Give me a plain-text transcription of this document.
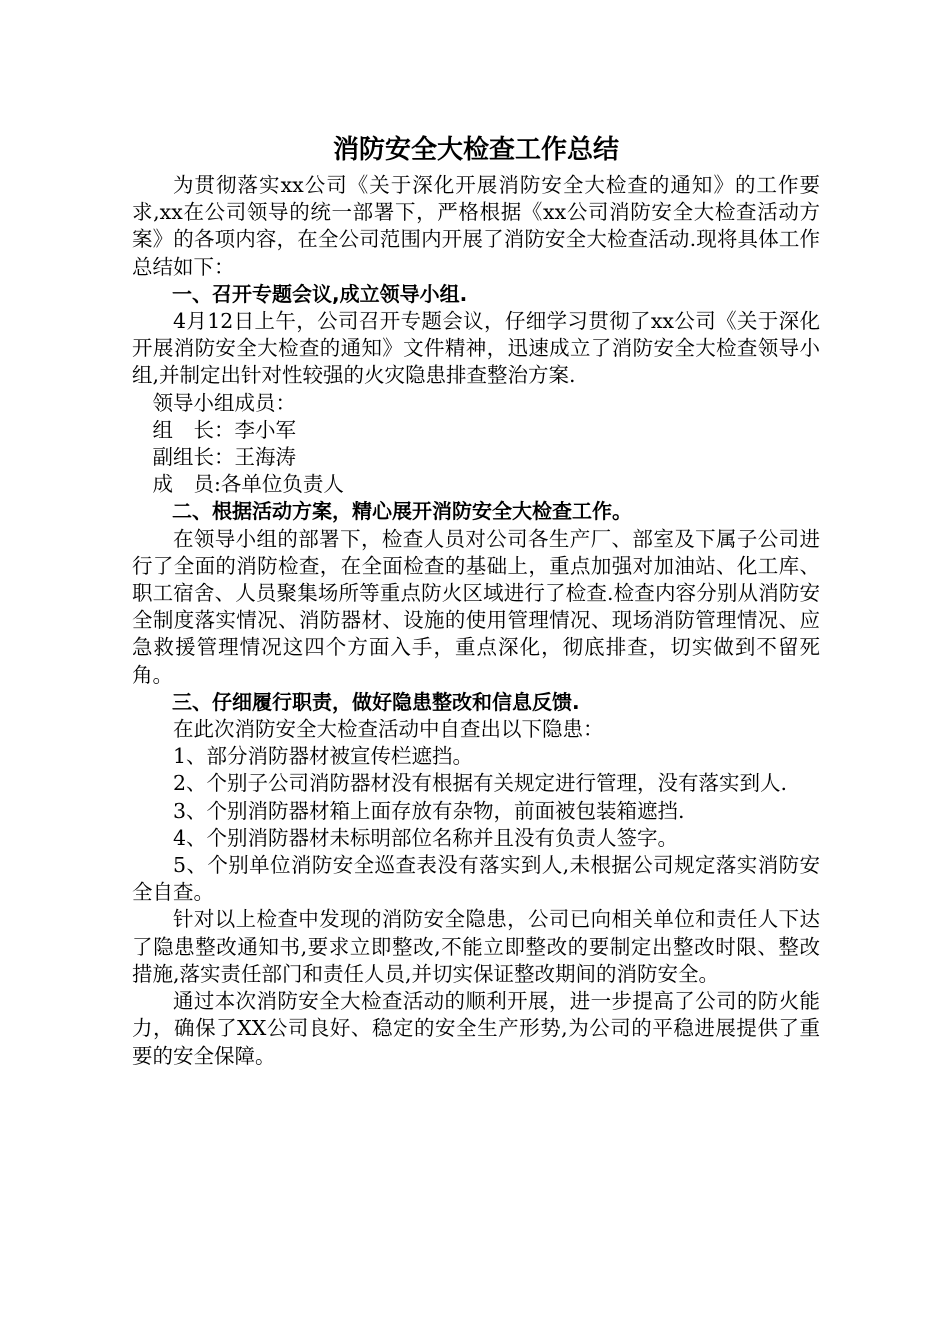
消防安全大检查工作总结

为贯彻落实xx公司《关于深化开展消防安全大检查的通知》的工作要求,xx在公司领导的统一部署下，严格根据《xx公司消防安全大检查活动方案》的各项内容，在全公司范围内开展了消防安全大检查活动.现将具体工作总结如下：

一、召开专题会议,成立领导小组.

4月12日上午，公司召开专题会议，仔细学习贯彻了xx公司《关于深化开展消防安全大检查的通知》文件精神，迅速成立了消防安全大检查领导小组,并制定出针对性较强的火灾隐患排查整治方案.

领导小组成员：

组　长：李小军

副组长：王海涛

成　员:各单位负责人

二、根据活动方案，精心展开消防安全大检查工作。

在领导小组的部署下，检查人员对公司各生产厂、部室及下属子公司进行了全面的消防检查，在全面检查的基础上，重点加强对加油站、化工库、职工宿舍、人员聚集场所等重点防火区域进行了检查.检查内容分别从消防安全制度落实情况、消防器材、设施的使用管理情况、现场消防管理情况、应急救援管理情况这四个方面入手，重点深化，彻底排查，切实做到不留死角。

三、仔细履行职责，做好隐患整改和信息反馈.

在此次消防安全大检查活动中自查出以下隐患：

1、部分消防器材被宣传栏遮挡。

2、个别子公司消防器材没有根据有关规定进行管理，没有落实到人.

3、个别消防器材箱上面存放有杂物，前面被包装箱遮挡.

4、个别消防器材未标明部位名称并且没有负责人签字。

5、个别单位消防安全巡查表没有落实到人,未根据公司规定落实消防安全自查。

针对以上检查中发现的消防安全隐患，公司已向相关单位和责任人下达了隐患整改通知书,要求立即整改,不能立即整改的要制定出整改时限、整改措施,落实责任部门和责任人员,并切实保证整改期间的消防安全。

通过本次消防安全大检查活动的顺利开展，进一步提高了公司的防火能力，确保了XX公司良好、稳定的安全生产形势,为公司的平稳进展提供了重要的安全保障。
